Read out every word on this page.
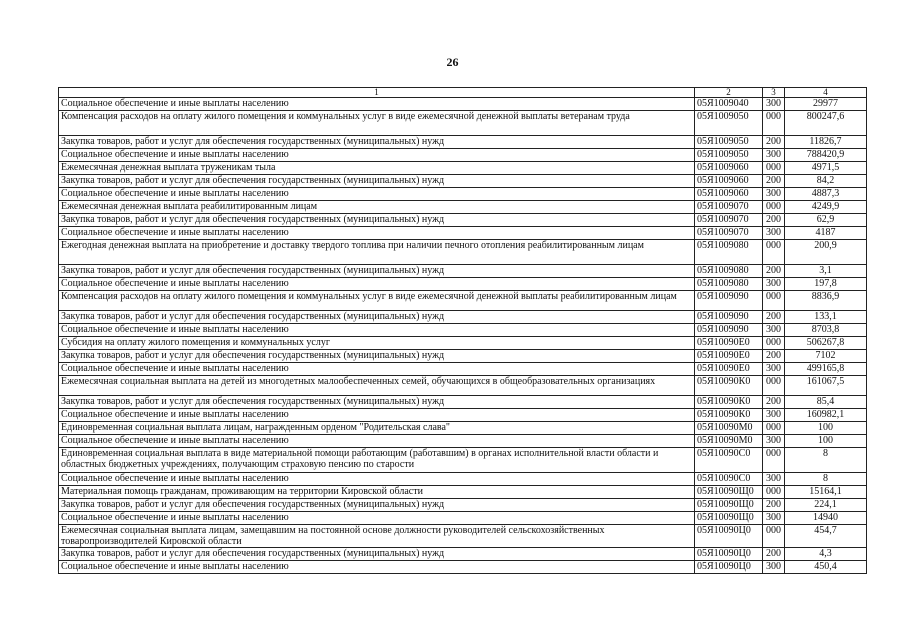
26
1	2	3	4
Социальное обеспечение и иные выплаты населению	05Я1009040	300	29977
Компенсация расходов на оплату жилого помещения и коммунальных услуг в виде ежемесячной денежной выплаты ветеранам труда	05Я1009050	000	800247,6
Закупка товаров, работ и услуг для обеспечения государственных (муниципальных) нужд	05Я1009050	200	11826,7
Социальное обеспечение и иные выплаты населению	05Я1009050	300	788420,9
Ежемесячная денежная выплата труженикам тыла	05Я1009060	000	4971,5
Закупка товаров, работ и услуг для обеспечения государственных (муниципальных) нужд	05Я1009060	200	84,2
Социальное обеспечение и иные выплаты населению	05Я1009060	300	4887,3
Ежемесячная денежная выплата реабилитированным лицам	05Я1009070	000	4249,9
Закупка товаров, работ и услуг для обеспечения государственных (муниципальных) нужд	05Я1009070	200	62,9
Социальное обеспечение и иные выплаты населению	05Я1009070	300	4187
Ежегодная денежная выплата на приобретение и доставку твердого топлива при наличии печного отопления реабилитированным лицам	05Я1009080	000	200,9
Закупка товаров, работ и услуг для обеспечения государственных (муниципальных) нужд	05Я1009080	200	3,1
Социальное обеспечение и иные выплаты населению	05Я1009080	300	197,8
Компенсация расходов на оплату жилого помещения и коммунальных услуг в виде ежемесячной денежной выплаты реабилитированным лицам	05Я1009090	000	8836,9
Закупка товаров, работ и услуг для обеспечения государственных (муниципальных) нужд	05Я1009090	200	133,1
Социальное обеспечение и иные выплаты населению	05Я1009090	300	8703,8
Субсидия на оплату жилого помещения и коммунальных услуг	05Я10090Е0	000	506267,8
Закупка товаров, работ и услуг для обеспечения государственных (муниципальных) нужд	05Я10090Е0	200	7102
Социальное обеспечение и иные выплаты населению	05Я10090Е0	300	499165,8
Ежемесячная социальная выплата на детей из многодетных малообеспеченных семей, обучающихся в общеобразовательных организациях	05Я10090К0	000	161067,5
Закупка товаров, работ и услуг для обеспечения государственных (муниципальных) нужд	05Я10090К0	200	85,4
Социальное обеспечение и иные выплаты населению	05Я10090К0	300	160982,1
Единовременная социальная выплата лицам, награжденным орденом "Родительская слава"	05Я10090М0	000	100
Социальное обеспечение и иные выплаты населению	05Я10090М0	300	100
Единовременная социальная выплата в виде материальной помощи работающим (работавшим) в органах исполнительной власти области и областных бюджетных учреждениях, получающим страховую пенсию по старости	05Я10090С0	000	8
Социальное обеспечение и иные выплаты населению	05Я10090С0	300	8
Материальная помощь гражданам, проживающим на территории Кировской области	05Я10090Щ0	000	15164,1
Закупка товаров, работ и услуг для обеспечения государственных (муниципальных) нужд	05Я10090Щ0	200	224,1
Социальное обеспечение и иные выплаты населению	05Я10090Щ0	300	14940
Ежемесячная социальная выплата лицам, замещавшим на постоянной основе должности руководителей сельскохозяйственных товаропроизводителей Кировской области	05Я10090Ц0	000	454,7
Закупка товаров, работ и услуг для обеспечения государственных (муниципальных) нужд	05Я10090Ц0	200	4,3
Социальное обеспечение и иные выплаты населению	05Я10090Ц0	300	450,4
